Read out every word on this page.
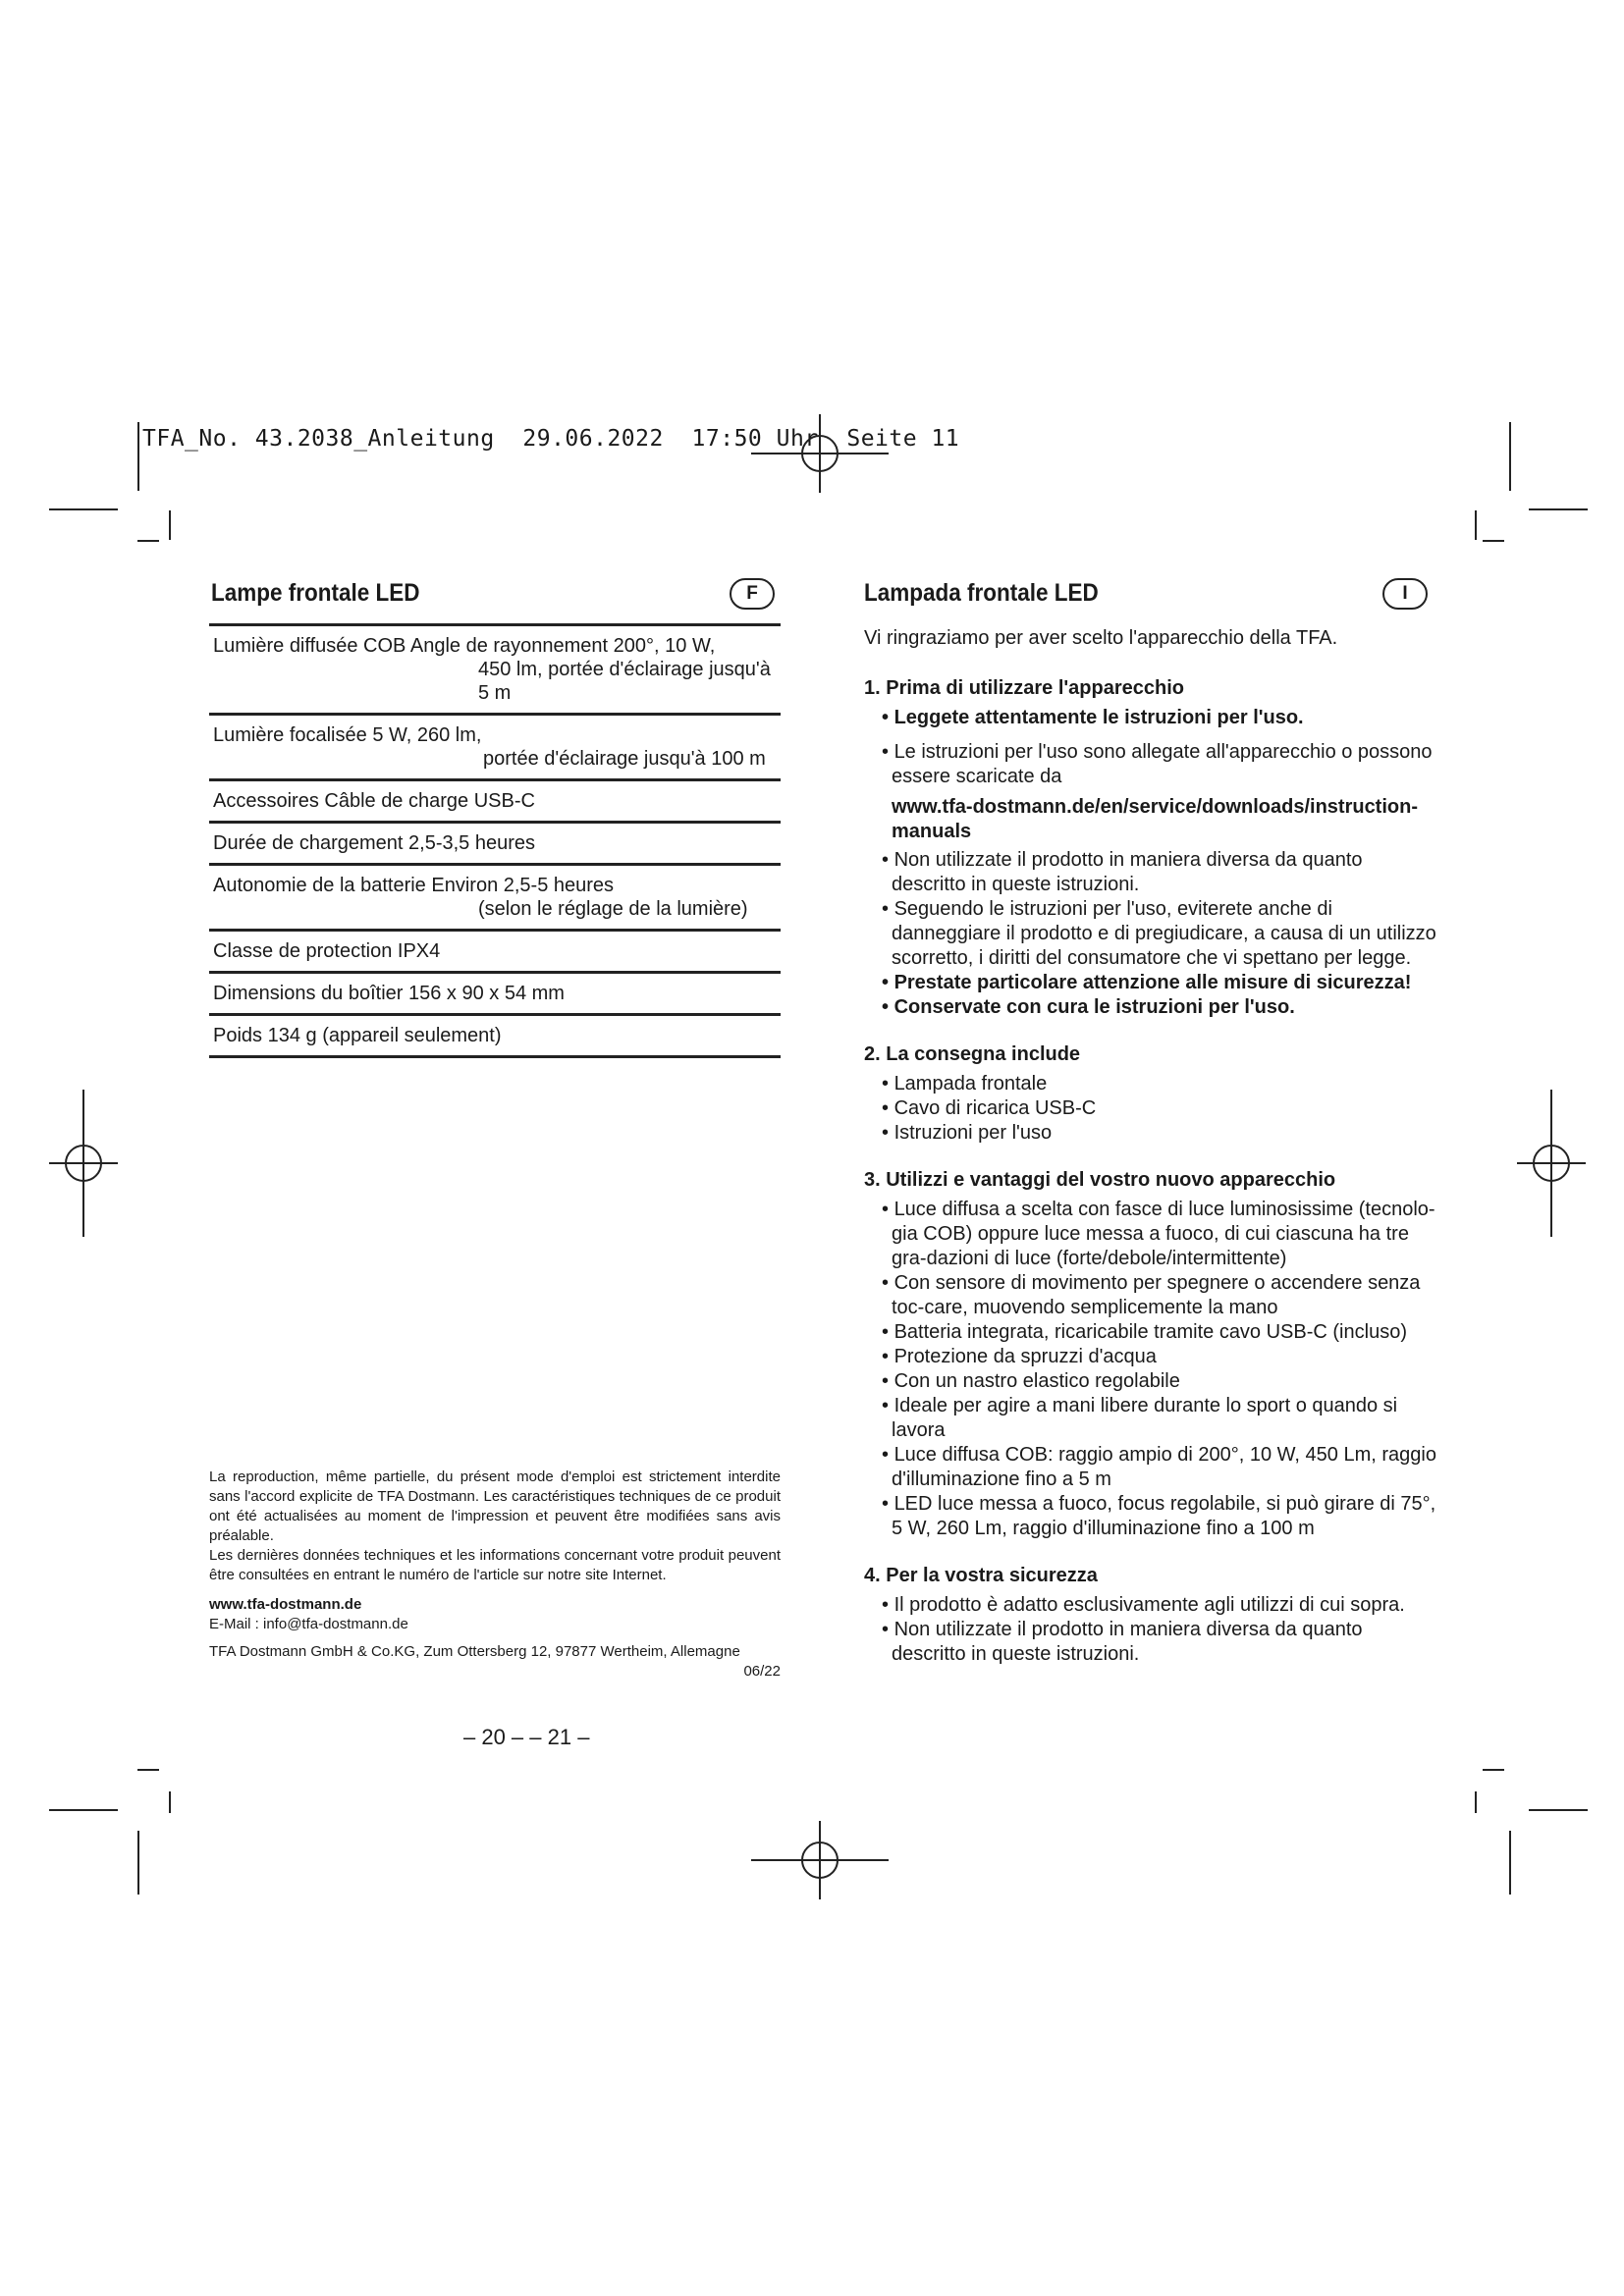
TFA_No. 43.2038_Anleitung  29.06.2022  17:50 Uhr  Seite 11
Lampe frontale LED	F
Lumière diffusée COB Angle de rayonnement 200°, 10 W,
450 lm, portée d'éclairage jusqu'à
5 m
Lumière focalisée 5 W, 260 lm,
portée d'éclairage jusqu'à 100 m
Accessoires Câble de charge USB-C
Durée de chargement 2,5-3,5 heures
Autonomie de la batterie Environ 2,5-5 heures
(selon le réglage de la lumière)
Classe de protection IPX4
Dimensions du boîtier 156 x 90 x 54 mm
Poids 134 g (appareil seulement)

La reproduction, même partielle, du présent mode d'emploi est strictement interdite sans l'accord explicite de TFA Dostmann. Les caractéristiques techniques de ce produit ont été actualisées au moment de l'impression et peuvent être modifiées sans avis préalable.

Les dernières données techniques et les informations concernant votre produit peuvent être consultées en entrant le numéro de l'article sur notre site Internet.

www.tfa-dostmann.de

E-Mail : info@tfa-dostmann.de

TFA Dostmann GmbH & Co.KG, Zum Ottersberg 12, 97877 Wertheim, Allemagne

06/22

– 20 – – 21 –
Lampada frontale LED	I
Vi ringraziamo per aver scelto l'apparecchio della TFA.
1. Prima di utilizzare l'apparecchio
• Leggete attentamente le istruzioni per l'uso.
• Le istruzioni per l'uso sono allegate all'apparecchio o possono essere scaricate da
www.tfa-dostmann.de/en/service/downloads/instruction-manuals
• Non utilizzate il prodotto in maniera diversa da quanto descritto in queste istruzioni.
• Seguendo le istruzioni per l'uso, eviterete anche di danneggiare il prodotto e di pregiudicare, a causa di un utilizzo scorretto, i diritti del consumatore che vi spettano per legge.
• Prestate particolare attenzione alle misure di sicurezza!
• Conservate con cura le istruzioni per l'uso.
2. La consegna include
• Lampada frontale
• Cavo di ricarica USB-C
• Istruzioni per l'uso
3. Utilizzi e vantaggi del vostro nuovo apparecchio
• Luce diffusa a scelta con fasce di luce luminosissime (tecnolo-gia COB) oppure luce messa a fuoco, di cui ciascuna ha tre gra-dazioni di luce (forte/debole/intermittente)
• Con sensore di movimento per spegnere o accendere senza toc-care, muovendo semplicemente la mano
• Batteria integrata, ricaricabile tramite cavo USB-C (incluso)
• Protezione da spruzzi d'acqua
• Con un nastro elastico regolabile
• Ideale per agire a mani libere durante lo sport o quando si lavora
• Luce diffusa COB: raggio ampio di 200°, 10 W, 450 Lm, raggio d'illuminazione fino a 5 m
• LED luce messa a fuoco, focus regolabile, si può girare di 75°, 5 W, 260 Lm, raggio d'illuminazione fino a 100 m
4. Per la vostra sicurezza
• Il prodotto è adatto esclusivamente agli utilizzi di cui sopra.
• Non utilizzate il prodotto in maniera diversa da quanto descritto in queste istruzioni.
